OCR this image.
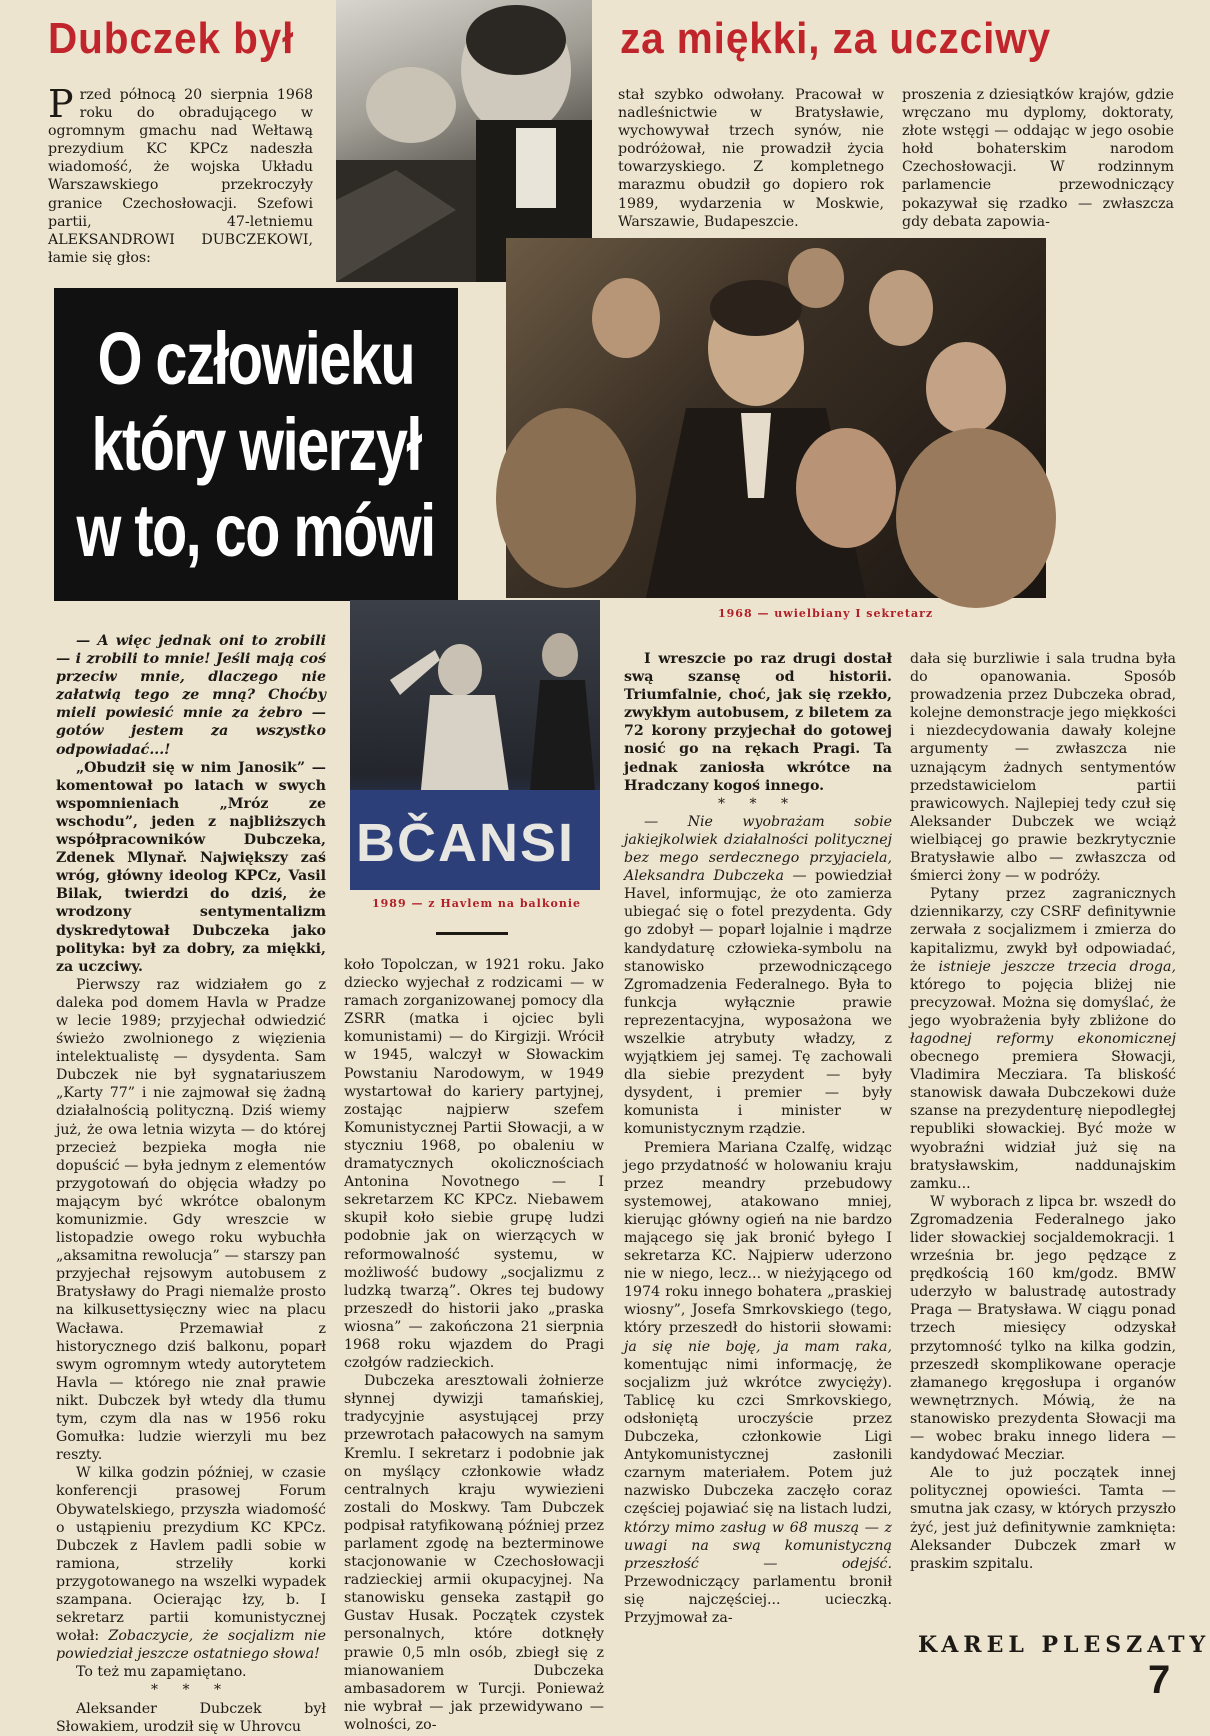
Dubczek był	za miękki, za uczciwy
Przed północą 20 sierpnia 1968 roku do obradującego w ogromnym gmachu nad Wełtawą prezydium KC KPCz nadeszła wiadomość, że wojska Układu Warszawskiego przekroczyły granice Czechosłowacji. Szefowi partii, 47-letniemu ALEKSANDROWI DUBCZEKOWI, łamie się głos:

stał szybko odwołany. Pracował w nadleśnictwie w Bratysławie, wychowywał trzech synów, nie podróżował, nie prowadził życia towarzyskiego. Z kompletnego marazmu obudził go dopiero rok 1989, wydarzenia w Moskwie, Warszawie, Budapeszcie.

proszenia z dziesiątków krajów, gdzie wręczano mu dyplomy, doktoraty, złote wstęgi — oddając w jego osobie hołd bohaterskim narodom Czechosłowacji. W rodzinnym parlamencie przewodniczący pokazywał się rzadko — zwłaszcza gdy debata zapowia-

O człowieku
który wierzył
w to, co mówi
1968 — uwielbiany I sekretarz
BČANSI
1989 — z Havlem na balkonie

— A więc jednak oni to zrobili — i zrobili to mnie! Jeśli mają coś przeciw mnie, dlaczego nie załatwią tego ze mną? Choćby mieli powiesić mnie za żebro — gotów jestem za wszystko odpowiadać...!

„Obudził się w nim Janosik” — komentował po latach w swych wspomnieniach „Mróz ze wschodu”, jeden z najbliższych współpracowników Dubczeka, Zdenek Mlynař. Największy zaś wróg, główny ideolog KPCz, Vasil Bilak, twierdzi do dziś, że wrodzony sentymentalizm dyskredytował Dubczeka jako polityka: był za dobry, za miękki, za uczciwy.

Pierwszy raz widziałem go z daleka pod domem Havla w Pradze w lecie 1989; przyjechał odwiedzić świeżo zwolnionego z więzienia intelektualistę — dysydenta. Sam Dubczek nie był sygnatariuszem „Karty 77” i nie zajmował się żadną działalnością polityczną. Dziś wiemy już, że owa letnia wizyta — do której przecież bezpieka mogła nie dopuścić — była jednym z elementów przygotowań do objęcia władzy po mającym być wkrótce obalonym komunizmie. Gdy wreszcie w listopadzie owego roku wybuchła „aksamitna rewolucja” — starszy pan przyjechał rejsowym autobusem z Bratysławy do Pragi niemalże prosto na kilkusettysięczny wiec na placu Wacława. Przemawiał z historycznego dziś balkonu, poparł swym ogromnym wtedy autorytetem Havla — którego nie znał prawie nikt. Dubczek był wtedy dla tłumu tym, czym dla nas w 1956 roku Gomułka: ludzie wierzyli mu bez reszty.

W kilka godzin później, w czasie konferencji prasowej Forum Obywatelskiego, przyszła wiadomość o ustąpieniu prezydium KC KPCz. Dubczek z Havlem padli sobie w ramiona, strzeliły korki przygotowanego na wszelki wypadek szampana. Ocierając łzy, b. I sekretarz partii komunistycznej wołał: Zobaczycie, że socjalizm nie powiedział jeszcze ostatniego słowa!

To też mu zapamiętano.

* * *

Aleksander Dubczek był Słowakiem, urodził się w Uhrovcu

koło Topolczan, w 1921 roku. Jako dziecko wyjechał z rodzicami — w ramach zorganizowanej pomocy dla ZSRR (matka i ojciec byli komunistami) — do Kirgizji. Wrócił w 1945, walczył w Słowackim Powstaniu Narodowym, w 1949 wystartował do kariery partyjnej, zostając najpierw szefem Komunistycznej Partii Słowacji, a w styczniu 1968, po obaleniu w dramatycznych okolicznościach Antonina Novotnego — I sekretarzem KC KPCz. Niebawem skupił koło siebie grupę ludzi podobnie jak on wierzących w reformowalność systemu, w możliwość budowy „socjalizmu z ludzką twarzą”. Okres tej budowy przeszedł do historii jako „praska wiosna” — zakończona 21 sierpnia 1968 roku wjazdem do Pragi czołgów radzieckich.

Dubczeka aresztowali żołnierze słynnej dywizji tamańskiej, tradycyjnie asystującej przy przewrotach pałacowych na samym Kremlu. I sekretarz i podobnie jak on myślący członkowie władz centralnych kraju wywiezieni zostali do Moskwy. Tam Dubczek podpisał ratyfikowaną później przez parlament zgodę na bezterminowe stacjonowanie w Czechosłowacji radzieckiej armii okupacyjnej. Na stanowisku gensekа zastąpił go Gustav Husak. Początek czystek personalnych, które dotknęły prawie 0,5 mln osób, zbiegł się z mianowaniem Dubczeka ambasadorem w Turcji. Ponieważ nie wybrał — jak przewidywano — wolności, zo-

I wreszcie po raz drugi dostał swą szansę od historii. Triumfalnie, choć, jak się rzekło, zwykłym autobusem, z biletem za 72 korony przyjechał do gotowej nosić go na rękach Pragi. Ta jednak zaniosła wkrótce na Hradczany kogoś innego.

* * *

— Nie wyobrażam sobie jakiejkolwiek działalności politycznej bez mego serdecznego przyjaciela, Aleksandra Dubczeka — powiedział Havel, informując, że oto zamierza ubiegać się o fotel prezydenta. Gdy go zdobył — poparł lojalnie i mądrze kandydaturę człowieka-symbolu na stanowisko przewodniczącego Zgromadzenia Federalnego. Była to funkcja wyłącznie prawie reprezentacyjna, wyposażona we wszelkie atrybuty władzy, z wyjątkiem jej samej. Tę zachowali dla siebie prezydent — były dysydent, i premier — były komunista i minister w komunistycznym rządzie.

Premiera Mariana Czalfę, widząc jego przydatność w holowaniu kraju przez meandry przebudowy systemowej, atakowano mniej, kierując główny ogień na nie bardzo mającego się jak bronić byłego I sekretarza KC. Najpierw uderzono nie w niego, lecz... w nieżyjącego od 1974 roku innego bohatera „praskiej wiosny”, Josefa Smrkovskiego (tego, który przeszedł do historii słowami: ja się nie boję, ja mam raka, komentując nimi informację, że socjalizm już wkrótce zwycięży). Tablicę ku czci Smrkovskiego, odsłoniętą uroczyście przez Dubczeka, członkowie Ligi Antykomunistycznej zasłonili czarnym materiałem. Potem już nazwisko Dubczeka zaczęło coraz częściej pojawiać się na listach ludzi, którzy mimo zasług w 68 muszą — z uwagi na swą komunistyczną przeszłość — odejść. Przewodniczący parlamentu bronił się najczęściej... ucieczką. Przyjmował za-

dała się burzliwie i sala trudna była do opanowania. Sposób prowadzenia przez Dubczeka obrad, kolejne demonstracje jego miękkości i niezdecydowania dawały kolejne argumenty — zwłaszcza nie uznającym żadnych sentymentów przedstawicielom partii prawicowych. Najlepiej tedy czuł się Aleksander Dubczek we wciąż wielbiącej go prawie bezkrytycznie Bratysławie albo — zwłaszcza od śmierci żony — w podróży.

Pytany przez zagranicznych dziennikarzy, czy CSRF definitywnie zerwała z socjalizmem i zmierza do kapitalizmu, zwykł był odpowiadać, że istnieje jeszcze trzecia droga, którego to pojęcia bliżej nie precyzował. Można się domyślać, że jego wyobrażenia były zbliżone do łagodnej reformy ekonomicznej obecnego premiera Słowacji, Vladimira Mecziara. Ta bliskość stanowisk dawała Dubczekowi duże szanse na prezydenturę niepodległej republiki słowackiej. Być może w wyobraźni widział już się na bratysławskim, naddunajskim zamku...

W wyborach z lipca br. wszedł do Zgromadzenia Federalnego jako lider słowackiej socjaldemokracji. 1 września br. jego pędzące z prędkością 160 km/godz. BMW uderzyło w balustradę autostrady Praga — Bratysława. W ciągu ponad trzech miesięcy odzyskał przytomność tylko na kilka godzin, przeszedł skomplikowane operacje złamanego kręgosłupa i organów wewnętrznych. Mówią, że na stanowisko prezydenta Słowacji ma — wobec braku innego lidera — kandydować Mecziar.

Ale to już początek innej politycznej opowieści. Tamta — smutna jak czasy, w których przyszło żyć, jest już definitywnie zamknięta: Aleksander Dubczek zmarł w praskim szpitalu.

KAREL PLESZATY
7
